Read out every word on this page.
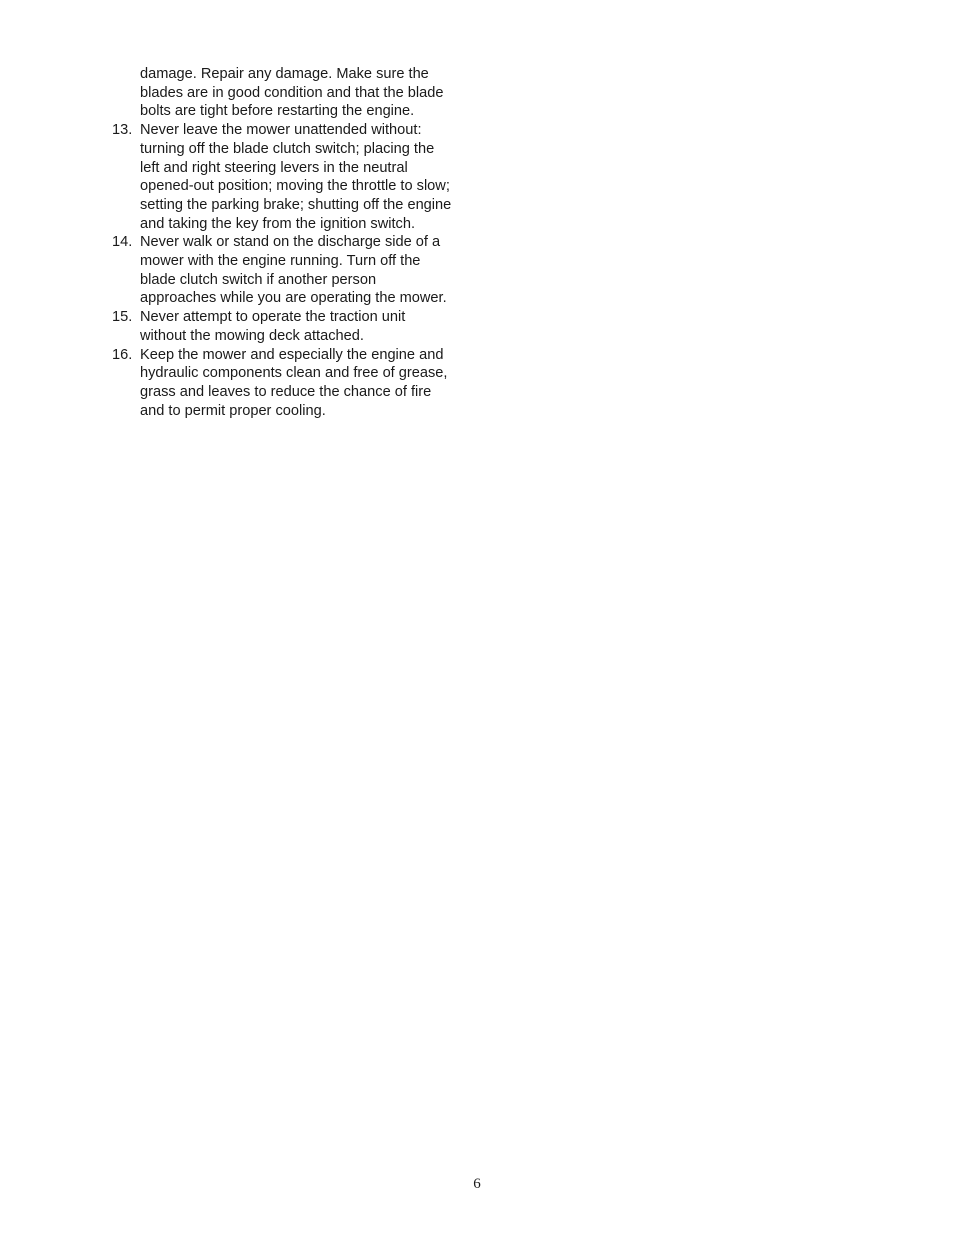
damage. Repair any damage. Make sure the blades are in good condition and that the blade bolts are tight before restarting the engine.

13. Never leave the mower unattended without: turning off the blade clutch switch; placing the left and right steering levers in the neutral opened-out position; moving the throttle to slow; setting the parking brake; shutting off the engine and taking the key from the ignition switch.
14. Never walk or stand on the discharge side of a mower with the engine running. Turn off the blade clutch switch if another person approaches while you are operating the mower.
15. Never attempt to operate the traction unit without the mowing deck attached.
16. Keep the mower and especially the engine and hydraulic components clean and free of grease, grass and leaves to reduce the chance of fire and to permit proper cooling.
6
